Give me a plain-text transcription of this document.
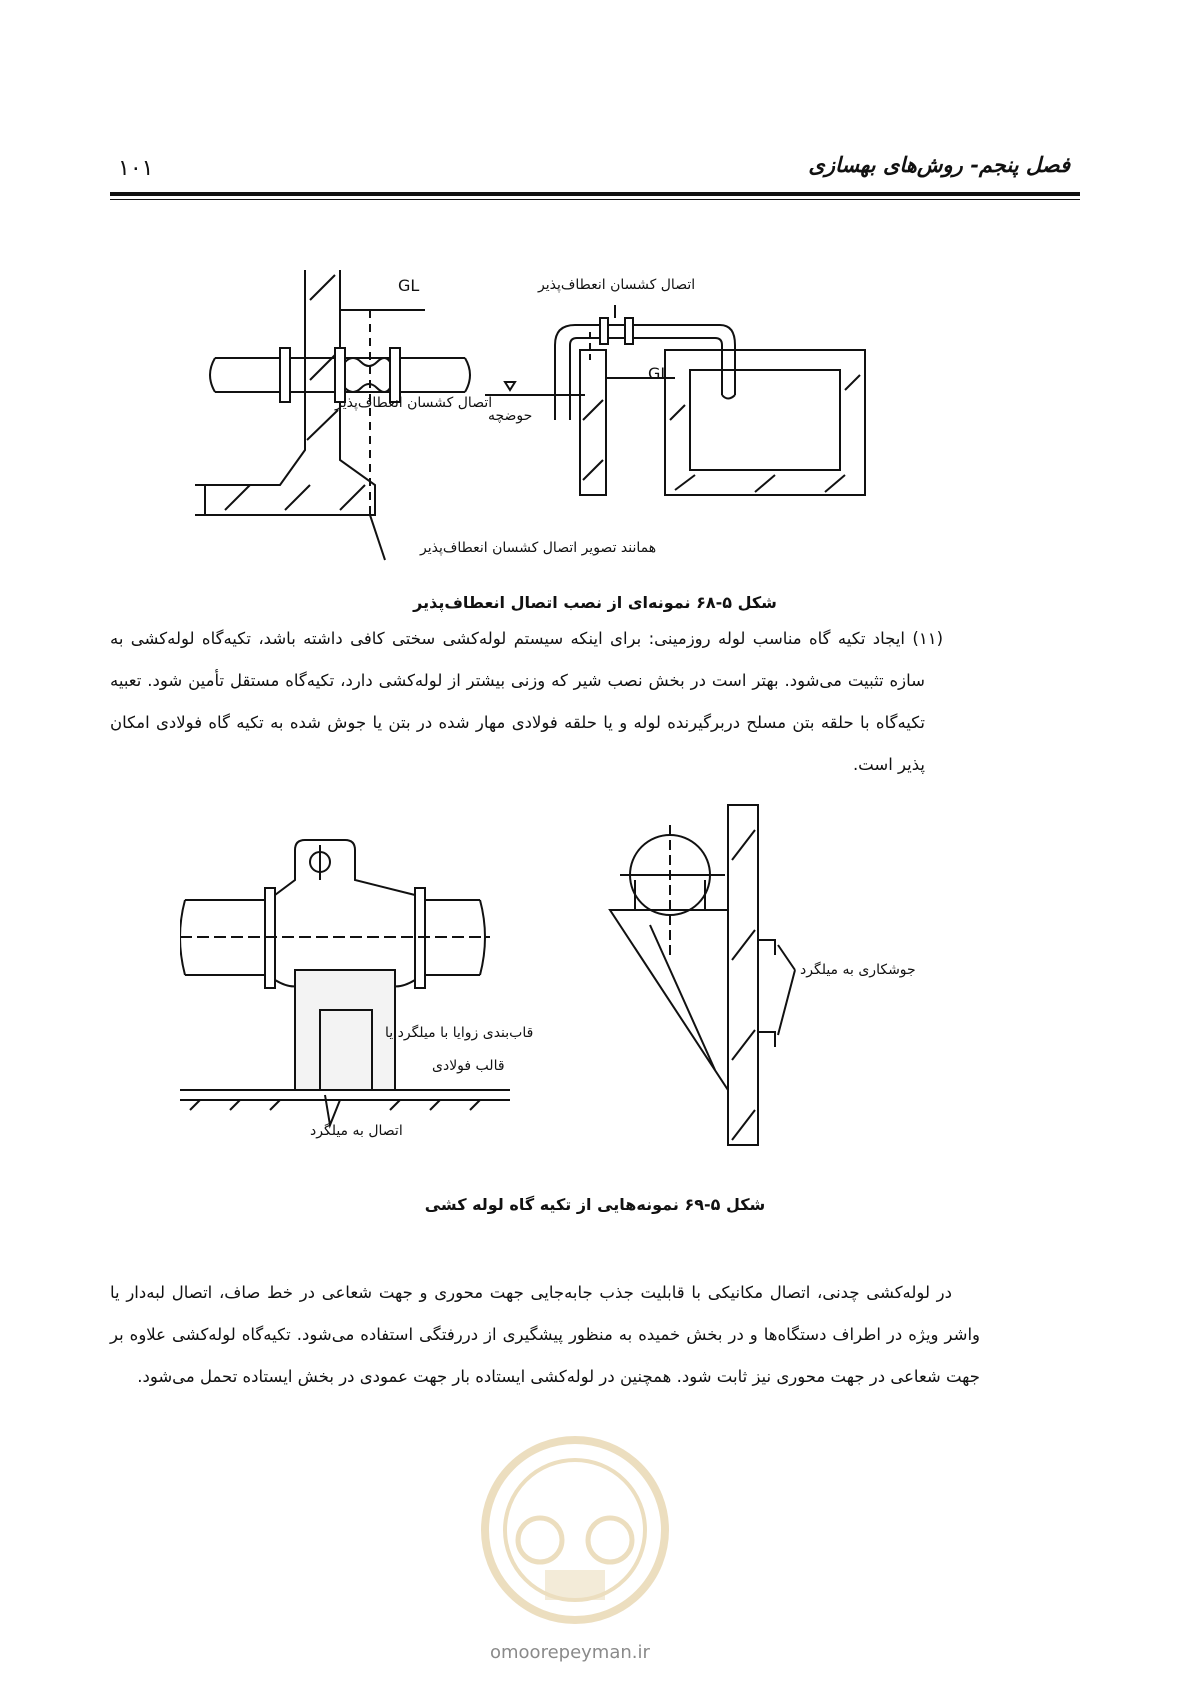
۱۰۱	فصل پنجم- روش‌های بهسازی
GL
GL
اتصال کشسان انعطاف‌پذیر
اتصال کشسان انعطاف‌پذیر
حوضچه
همانند تصویر اتصال کشسان انعطاف‌پذیر
شکل ۵-۶۸ نمونه‌ای از نصب اتصال انعطاف‌پذیر
(۱۱) ایجاد تکیه گاه مناسب لوله روزمینی: برای اینکه سیستم لوله‌کشی سختی کافی داشته باشد، تکیه‌گاه لوله‌کشی به سازه تثبیت می‌شود. بهتر است در بخش نصب شیر که وزنی بیشتر از لوله‌کشی دارد، تکیه‌گاه مستقل تأمین شود. تعبیه تکیه‌گاه با حلقه بتن مسلح دربرگیرنده لوله و یا حلقه فولادی مهار شده در بتن یا جوش شده به تکیه گاه فولادی امکان پذیر است.
قاب‌بندی زوایا با میلگرد یا
قالب فولادی
اتصال به میلگرد
جوشکاری به میلگرد
شکل ۵-۶۹ نمونه‌هایی از تکیه گاه لوله کشی
در لوله‌کشی چدنی، اتصال مکانیکی با قابلیت جذب جابه‌جایی جهت محوری و جهت شعاعی در خط صاف، اتصال لبه‌دار یا واشر ویژه در اطراف دستگاه‌ها و در بخش خمیده به منظور پیشگیری از دررفتگی استفاده می‌شود. تکیه‌گاه لوله‌کشی علاوه بر جهت شعاعی در جهت محوری نیز ثابت شود. همچنین در لوله‌کشی ایستاده بار جهت عمودی در بخش ایستاده تحمل می‌شود.
omoorepeyman.ir
